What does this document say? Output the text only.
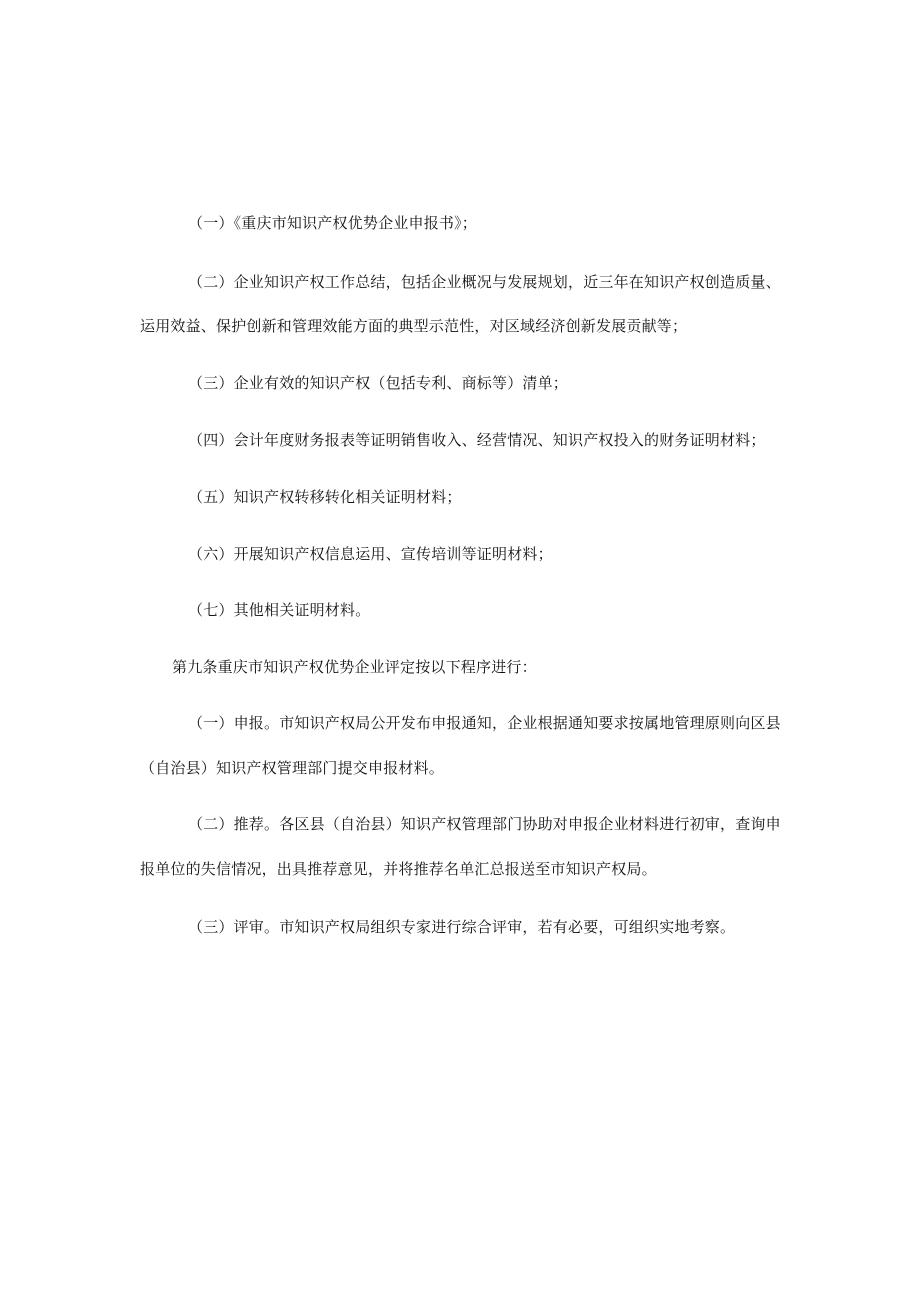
（一）《重庆市知识产权优势企业申报书》；
（二）企业知识产权工作总结，包括企业概况与发展规划，近三年在知识产权创造质量、
运用效益、保护创新和管理效能方面的典型示范性，对区域经济创新发展贡献等；
（三）企业有效的知识产权（包括专利、商标等）清单；
（四）会计年度财务报表等证明销售收入、经营情况、知识产权投入的财务证明材料；
（五）知识产权转移转化相关证明材料；
（六）开展知识产权信息运用、宣传培训等证明材料；
（七）其他相关证明材料。
第九条重庆市知识产权优势企业评定按以下程序进行：
（一）申报。市知识产权局公开发布申报通知，企业根据通知要求按属地管理原则向区县
（自治县）知识产权管理部门提交申报材料。
（二）推荐。各区县（自治县）知识产权管理部门协助对申报企业材料进行初审，查询申
报单位的失信情况，出具推荐意见，并将推荐名单汇总报送至市知识产权局。
（三）评审。市知识产权局组织专家进行综合评审，若有必要，可组织实地考察。
